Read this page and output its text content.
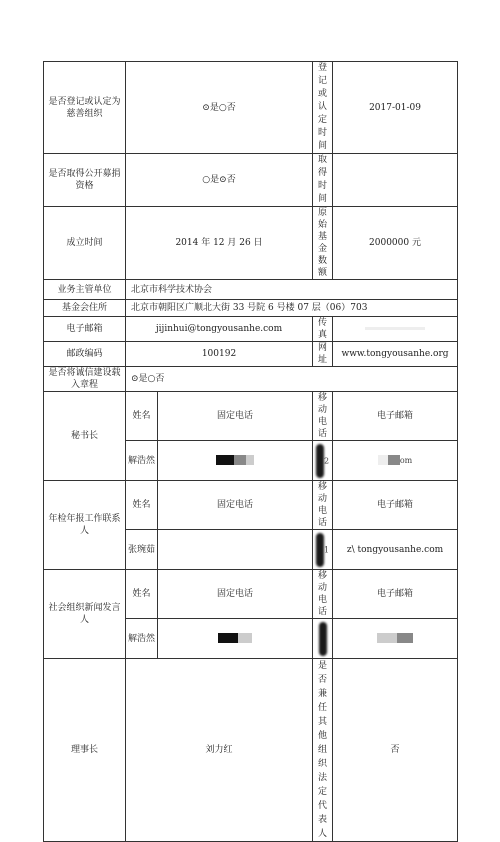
是否登记或认定为慈善组织	⊙是○否		登记或认定时间	2017-01-09
是否取得公开募捐资格	○是⊙否		取得时间	
成立时间	2014 年 12 月 26 日		原始基金数额	2000000 元
业务主管单位	北京市科学技术协会			
基金会住所	北京市朝阳区广顺北大街 33 号院 6 号楼 07 层（06）703			
电子邮箱	jijinhui@tongyousanhe.com		传真	
邮政编码	100192		网址	www.tongyousanhe.org
是否将诚信建设载入章程	⊙是○否			
秘书长	姓名	固定电话	移动电话	电子邮箱
	解浩然		2	om
年检年报工作联系人	姓名	固定电话	移动电话	电子邮箱
	张琬茹		1	z\ tongyousanhe.com
社会组织新闻发言人	姓名	固定电话	移动电话	电子邮箱
	解浩然			
理事长	刘力红		是否兼任其他组织法定代表人	否
